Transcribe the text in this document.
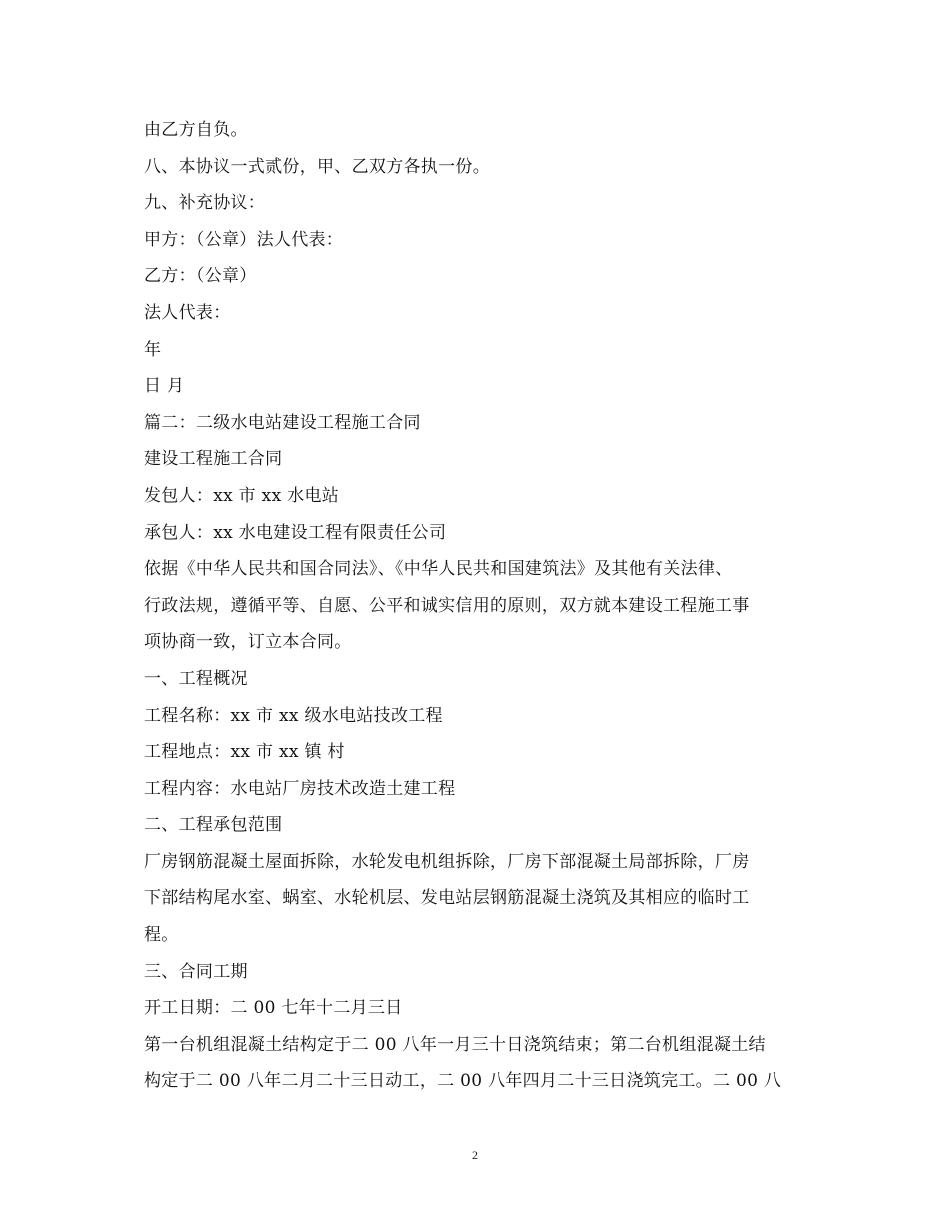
由乙方自负。
八、本协议一式贰份，甲、乙双方各执一份。
九、补充协议：
甲方：（公章）法人代表：
乙方：（公章）
法人代表：
年
日 月
篇二：二级水电站建设工程施工合同
建设工程施工合同
发包人：xx 市 xx 水电站
承包人：xx 水电建设工程有限责任公司
依据《中华人民共和国合同法》、《中华人民共和国建筑法》及其他有关法律、
行政法规，遵循平等、自愿、公平和诚实信用的原则，双方就本建设工程施工事
项协商一致，订立本合同。
一、工程概况
工程名称：xx 市 xx 级水电站技改工程
工程地点：xx 市 xx 镇 村
工程内容：水电站厂房技术改造土建工程
二、工程承包范围
厂房钢筋混凝土屋面拆除，水轮发电机组拆除，厂房下部混凝土局部拆除，厂房
下部结构尾水室、蜗室、水轮机层、发电站层钢筋混凝土浇筑及其相应的临时工
程。
三、合同工期
开工日期：二 00 七年十二月三日
第一台机组混凝土结构定于二 00 八年一月三十日浇筑结束；第二台机组混凝土结
构定于二 00 八年二月二十三日动工，二 00 八年四月二十三日浇筑完工。二 00 八
2
